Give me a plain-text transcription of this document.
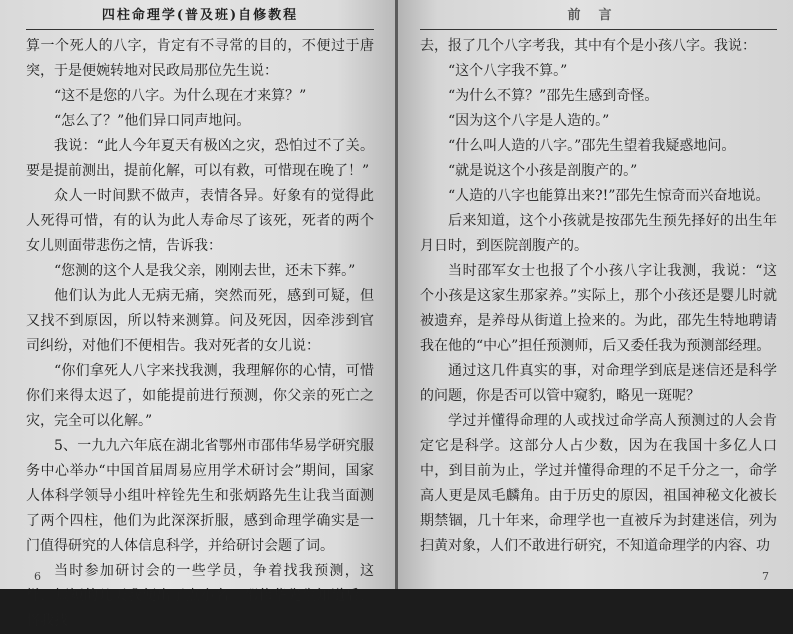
四柱命理学(普及班)自修教程

算一个死人的八字，肯定有不寻常的目的，不便过于唐突，于是便婉转地对民政局那位先生说：

“这不是您的八字。为什么现在才来算？”

“怎么了？”他们异口同声地问。

我说：“此人今年夏天有极凶之灾，恐怕过不了关。要是提前测出，提前化解，可以有救，可惜现在晚了！”

众人一时间默不做声，表情各异。好象有的觉得此人死得可惜，有的认为此人寿命尽了该死，死者的两个女儿则面带悲伤之情，告诉我：

“您测的这个人是我父亲，刚刚去世，还未下葬。”

他们认为此人无病无痛，突然而死，感到可疑，但又找不到原因，所以特来测算。问及死因，因牵涉到官司纠纷，对他们不便相告。我对死者的女儿说：

“你们拿死人八字来找我测，我理解你的心情，可惜你们来得太迟了，如能提前进行预测，你父亲的死亡之灾，完全可以化解。”

5、一九九六年底在湖北省鄂州市邵伟华易学研究服务中心举办“中国首届周易应用学术研讨会”期间，国家人体科学领导小组叶梓铨先生和张炳路先生让我当面测了两个四柱，他们为此深深折服，感到命理学确实是一门值得研究的人体信息科学，并给研讨会题了词。

当时参加研讨会的一些学员，争着找我预测，这样，短短的几天我便出了点小名。邵伟华先生知道后，将我找

6
前言

去，报了几个八字考我，其中有个是小孩八字。我说：

“这个八字我不算。”

“为什么不算？”邵先生感到奇怪。

“因为这个八字是人造的。”

“什么叫人造的八字。”邵先生望着我疑惑地问。

“就是说这个小孩是剖腹产的。”

“人造的八字也能算出来?!”邵先生惊奇而兴奋地说。

后来知道，这个小孩就是按邵先生预先择好的出生年月日时，到医院剖腹产的。

当时邵军女士也报了个小孩八字让我测，我说：“这个小孩是这家生那家养。”实际上，那个小孩还是婴儿时就被遗弃，是养母从街道上捡来的。为此，邵先生特地聘请我在他的“中心”担任预测师，后又委任我为预测部经理。

通过这几件真实的事，对命理学到底是迷信还是科学的问题，你是否可以管中窥豹，略见一斑呢？

学过并懂得命理的人或找过命学高人预测过的人会肯定它是科学。这部分人占少数，因为在我国十多亿人口中，到目前为止，学过并懂得命理的不足千分之一，命学高人更是凤毛麟角。由于历史的原因，祖国神秘文化被长期禁锢，几十年来，命理学也一直被斥为封建迷信，列为扫黄对象，人们不敢进行研究，不知道命理学的内容、功

7
